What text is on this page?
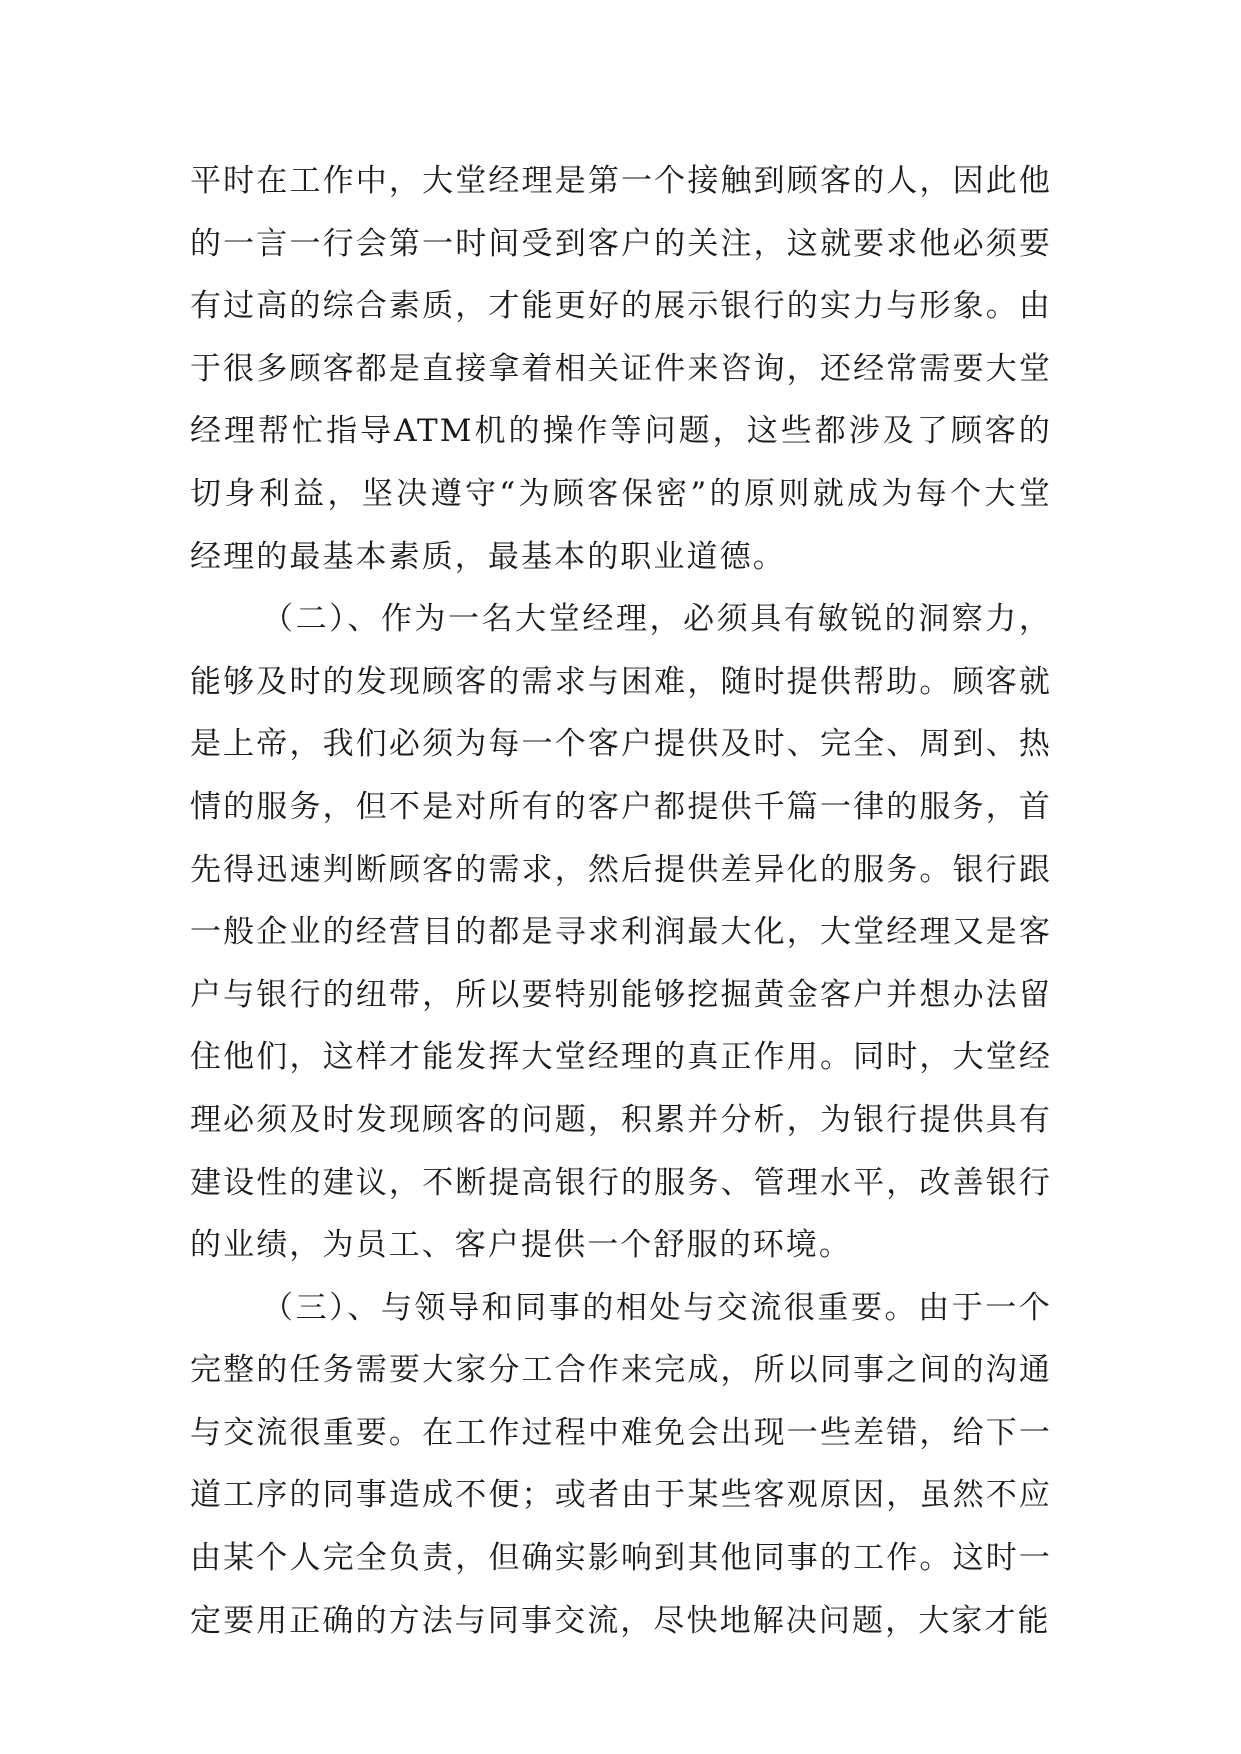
平时在工作中，大堂经理是第一个接触到顾客的人，因此他的一言一行会第一时间受到客户的关注，这就要求他必须要有过高的综合素质，才能更好的展示银行的实力与形象。由于很多顾客都是直接拿着相关证件来咨询，还经常需要大堂经理帮忙指导ATM机的操作等问题，这些都涉及了顾客的切身利益，坚决遵守“为顾客保密”的原则就成为每个大堂经理的最基本素质，最基本的职业道德。

（二）、作为一名大堂经理，必须具有敏锐的洞察力，能够及时的发现顾客的需求与困难，随时提供帮助。顾客就是上帝，我们必须为每一个客户提供及时、完全、周到、热情的服务，但不是对所有的客户都提供千篇一律的服务，首先得迅速判断顾客的需求，然后提供差异化的服务。银行跟一般企业的经营目的都是寻求利润最大化，大堂经理又是客户与银行的纽带，所以要特别能够挖掘黄金客户并想办法留住他们，这样才能发挥大堂经理的真正作用。同时，大堂经理必须及时发现顾客的问题，积累并分析，为银行提供具有建设性的建议，不断提高银行的服务、管理水平，改善银行的业绩，为员工、客户提供一个舒服的环境。

（三）、与领导和同事的相处与交流很重要。由于一个完整的任务需要大家分工合作来完成，所以同事之间的沟通与交流很重要。在工作过程中难免会出现一些差错，给下一道工序的同事造成不便；或者由于某些客观原因，虽然不应由某个人完全负责，但确实影响到其他同事的工作。这时一定要用正确的方法与同事交流，尽快地解决问题，大家才能
